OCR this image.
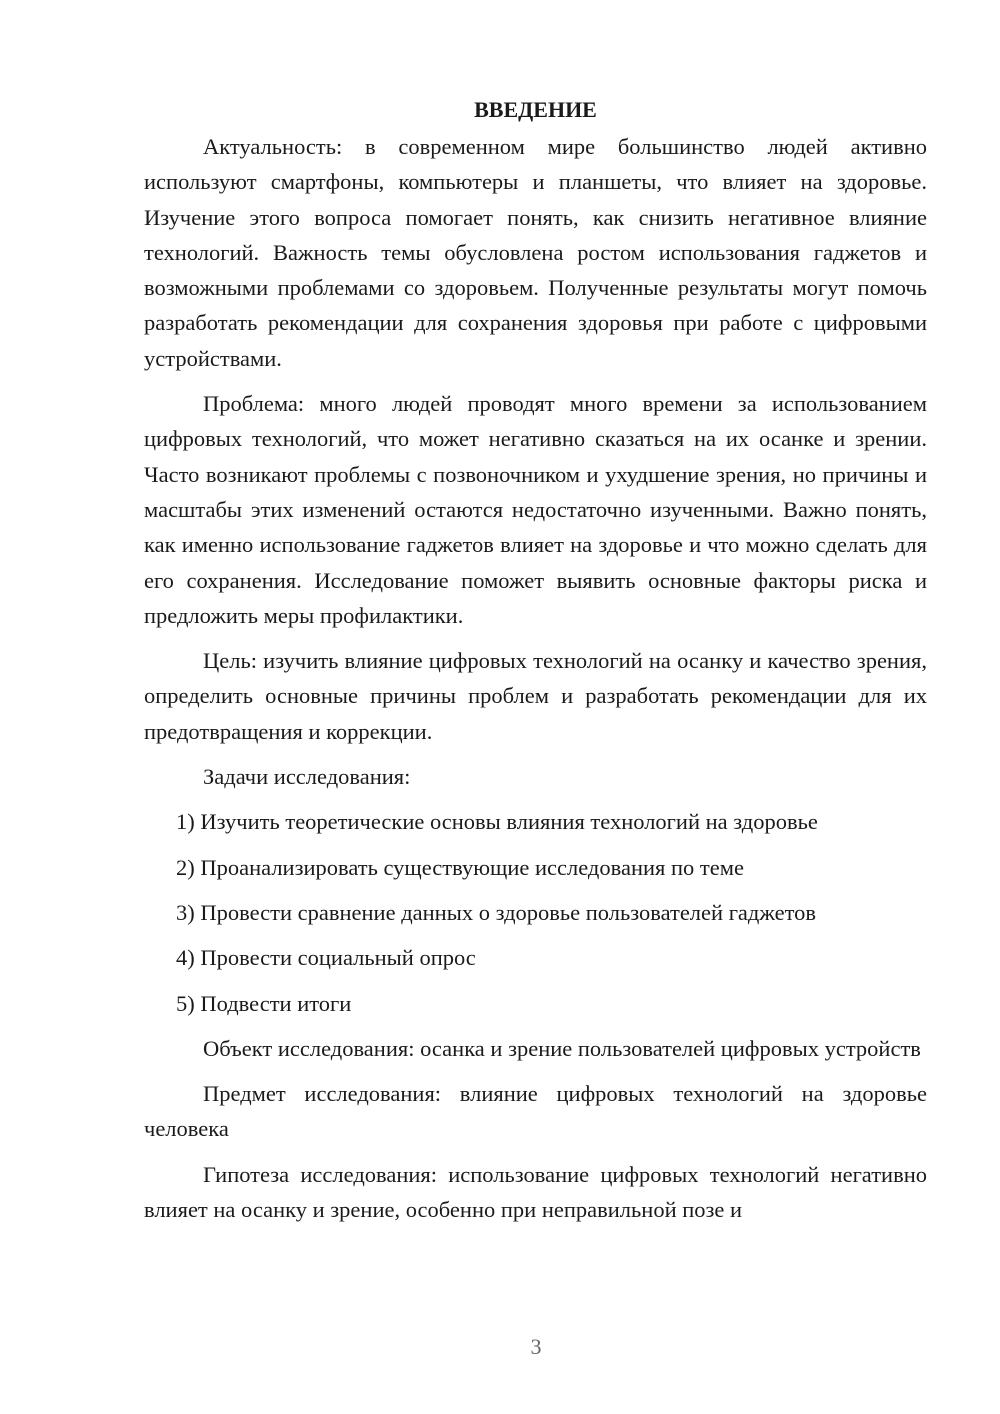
ВВЕДЕНИЕ

Актуальность: в современном мире большинство людей активно используют смартфоны, компьютеры и планшеты, что влияет на здоровье. Изучение этого вопроса помогает понять, как снизить негативное влияние технологий. Важность темы обусловлена ростом использования гаджетов и возможными проблемами со здоровьем. Полученные результаты могут помочь разработать рекомендации для сохранения здоровья при работе с цифровыми устройствами.

Проблема: много людей проводят много времени за использованием цифровых технологий, что может негативно сказаться на их осанке и зрении. Часто возникают проблемы с позвоночником и ухудшение зрения, но причины и масштабы этих изменений остаются недостаточно изученными. Важно понять, как именно использование гаджетов влияет на здоровье и что можно сделать для его сохранения. Исследование поможет выявить основные факторы риска и предложить меры профилактики.

Цель: изучить влияние цифровых технологий на осанку и качество зрения, определить основные причины проблем и разработать рекомендации для их предотвращения и коррекции.

Задачи исследования:
1) Изучить теоретические основы влияния технологий на здоровье
2) Проанализировать существующие исследования по теме
3) Провести сравнение данных о здоровье пользователей гаджетов
4) Провести социальный опрос
5) Подвести итоги

Объект исследования: осанка и зрение пользователей цифровых устройств

Предмет исследования: влияние цифровых технологий на здоровье человека

Гипотеза исследования: использование цифровых технологий негативно влияет на осанку и зрение, особенно при неправильной позе и

3
